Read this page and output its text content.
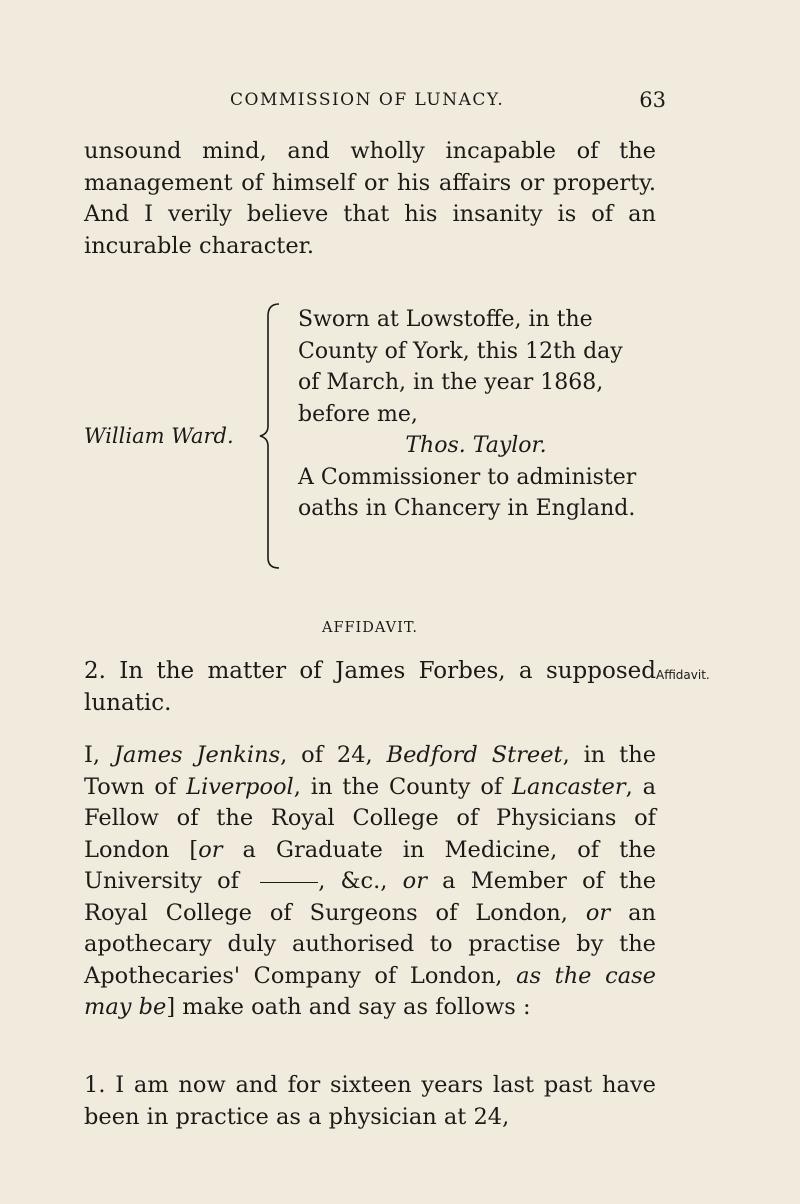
COMMISSION OF LUNACY.	63
unsound mind, and wholly incapable of the management of himself or his affairs or property. And I verily believe that his insanity is of an incurable character.
William Ward.
Sworn at Lowstoffe, in the
County of York, this 12th day
of March, in the year 1868,
before me,
Thos. Taylor.
A Commissioner to administer
oaths in Chancery in England.
AFFIDAVIT.
2. In the matter of James Forbes, a supposed lunatic.
Affidavit.
I, James Jenkins, of 24, Bedford Street, in the Town of Liverpool, in the County of Lancaster, a Fellow of the Royal College of Physicians of London [or a Graduate in Medicine, of the University of	, &c., or a Member of the Royal College of Surgeons of London, or an apothecary duly authorised to practise by the Apothecaries' Company of London, as the case may be] make oath and say as follows :
1. I am now and for sixteen years last past have been in practice as a physician at 24,
